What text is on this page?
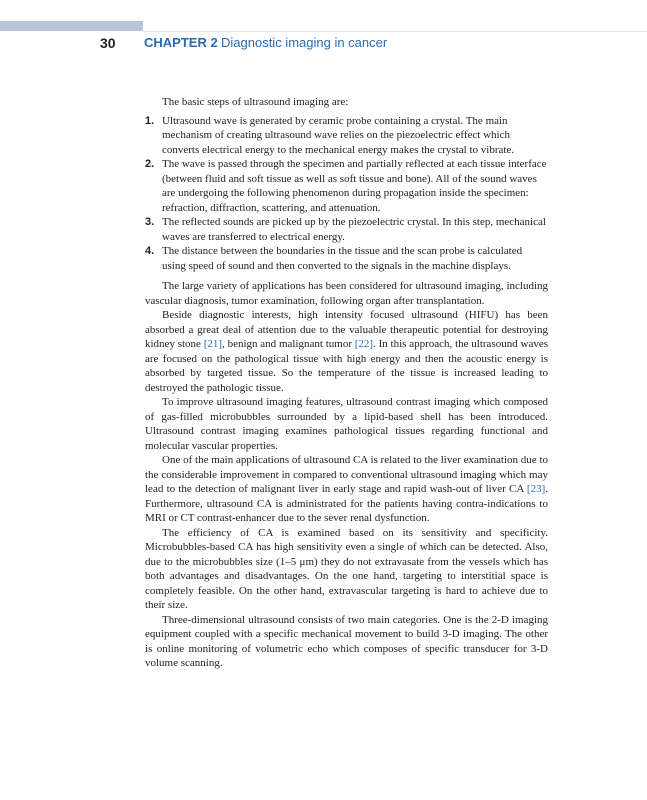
30 CHAPTER 2 Diagnostic imaging in cancer

The basic steps of ultrasound imaging are:

1. Ultrasound wave is generated by ceramic probe containing a crystal. The main mechanism of creating ultrasound wave relies on the piezoelectric effect which converts electrical energy to the mechanical energy makes the crystal to vibrate.
2. The wave is passed through the specimen and partially reflected at each tissue interface (between fluid and soft tissue as well as soft tissue and bone). All of the sound waves are undergoing the following phenomenon during propagation inside the specimen: refraction, diffraction, scattering, and attenuation.
3. The reflected sounds are picked up by the piezoelectric crystal. In this step, mechanical waves are transferred to electrical energy.
4. The distance between the boundaries in the tissue and the scan probe is calculated using speed of sound and then converted to the signals in the machine displays.

The large variety of applications has been considered for ultrasound imaging, including vascular diagnosis, tumor examination, following organ after transplantation.

Beside diagnostic interests, high intensity focused ultrasound (HIFU) has been absorbed a great deal of attention due to the valuable therapeutic potential for destroying kidney stone [21], benign and malignant tumor [22]. In this approach, the ultrasound waves are focused on the pathological tissue with high energy and then the acoustic energy is absorbed by targeted tissue. So the temperature of the tissue is increased leading to destroyed the pathologic tissue.

To improve ultrasound imaging features, ultrasound contrast imaging which composed of gas-filled microbubbles surrounded by a lipid-based shell has been introduced. Ultrasound contrast imaging examines pathological tissues regarding functional and molecular vascular properties.

One of the main applications of ultrasound CA is related to the liver examination due to the considerable improvement in compared to conventional ultrasound imaging which may lead to the detection of malignant liver in early stage and rapid wash-out of liver CA [23]. Furthermore, ultrasound CA is administrated for the patients having contra-indications to MRI or CT contrast-enhancer due to the sever renal dysfunction.

The efficiency of CA is examined based on its sensitivity and specificity. Microbubbles-based CA has high sensitivity even a single of which can be detected. Also, due to the microbubbles size (1–5 μm) they do not extravasate from the vessels which has both advantages and disadvantages. On the one hand, targeting to interstitial space is completely feasible. On the other hand, extravascular targeting is hard to achieve due to their size.

Three-dimensional ultrasound consists of two main categories. One is the 2-D imaging equipment coupled with a specific mechanical movement to build 3-D imaging. The other is online monitoring of volumetric echo which composes of specific transducer for 3-D volume scanning.
